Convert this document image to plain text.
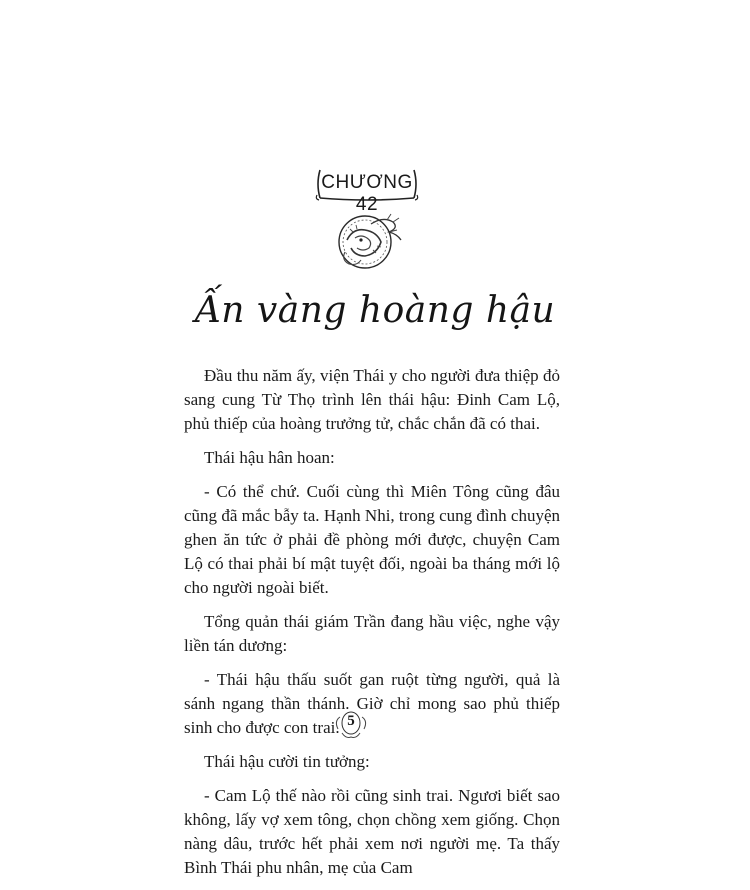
CHƯƠNG 42
Ấn vàng hoàng hậu

Đầu thu năm ấy, viện Thái y cho người đưa thiệp đỏ sang cung Từ Thọ trình lên thái hậu: Đinh Cam Lộ, phủ thiếp của hoàng trưởng tử, chắc chắn đã có thai.

Thái hậu hân hoan:

- Có thể chứ. Cuối cùng thì Miên Tông cũng đâu cũng đã mắc bẫy ta. Hạnh Nhi, trong cung đình chuyện ghen ăn tức ở phải đề phòng mới được, chuyện Cam Lộ có thai phải bí mật tuyệt đối, ngoài ba tháng mới lộ cho người ngoài biết.

Tổng quản thái giám Trần đang hầu việc, nghe vậy liền tán dương:

- Thái hậu thấu suốt gan ruột từng người, quả là sánh ngang thần thánh. Giờ chỉ mong sao phủ thiếp sinh cho được con trai.

Thái hậu cười tin tưởng:

- Cam Lộ thế nào rồi cũng sinh trai. Ngươi biết sao không, lấy vợ xem tông, chọn chồng xem giống. Chọn nàng dâu, trước hết phải xem nơi người mẹ. Ta thấy Bình Thái phu nhân, mẹ của Cam

5
